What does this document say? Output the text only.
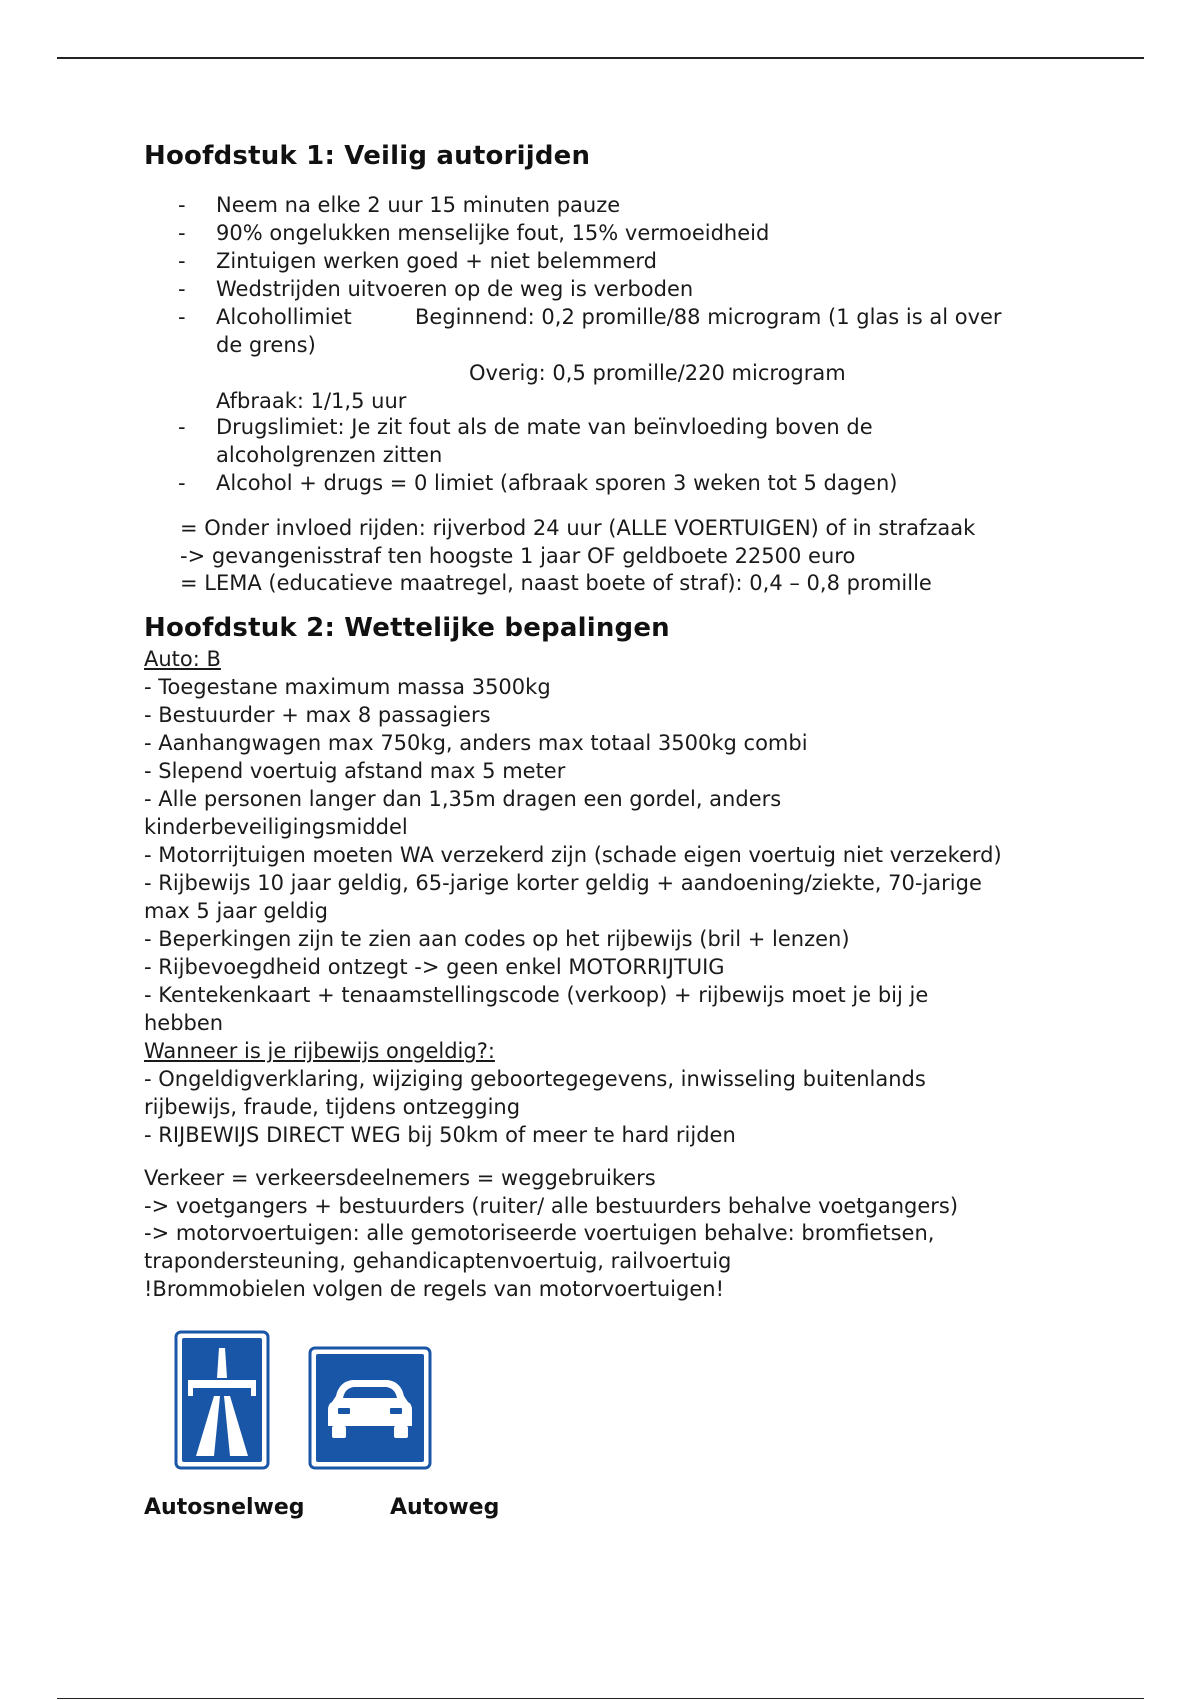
Hoofdstuk 1: Veilig autorijden
-	Neem na elke 2 uur 15 minuten pauze
-	90% ongelukken menselijke fout, 15% vermoeidheid
-	Zintuigen werken goed + niet belemmerd
-	Wedstrijden uitvoeren op de weg is verboden
-	Alcohollimiet	Beginnend: 0,2 promille/88 microgram (1 glas is al over
de grens)
Overig: 0,5 promille/220 microgram
Afbraak: 1/1,5 uur
-	Drugslimiet: Je zit fout als de mate van beïnvloeding boven de
alcoholgrenzen zitten
-	Alcohol + drugs = 0 limiet (afbraak sporen 3 weken tot 5 dagen)
= Onder invloed rijden: rijverbod 24 uur (ALLE VOERTUIGEN) of in strafzaak
-> gevangenisstraf ten hoogste 1 jaar OF geldboete 22500 euro
= LEMA (educatieve maatregel, naast boete of straf): 0,4 – 0,8 promille
Hoofdstuk 2: Wettelijke bepalingen
Auto: B
- Toegestane maximum massa 3500kg
- Bestuurder + max 8 passagiers
- Aanhangwagen max 750kg, anders max totaal 3500kg combi
- Slepend voertuig afstand max 5 meter
- Alle personen langer dan 1,35m dragen een gordel, anders
kinderbeveiligingsmiddel
- Motorrijtuigen moeten WA verzekerd zijn (schade eigen voertuig niet verzekerd)
- Rijbewijs 10 jaar geldig, 65-jarige korter geldig + aandoening/ziekte, 70-jarige
max 5 jaar geldig
- Beperkingen zijn te zien aan codes op het rijbewijs (bril + lenzen)
- Rijbevoegdheid ontzegt -> geen enkel MOTORRIJTUIG
- Kentekenkaart + tenaamstellingscode (verkoop) + rijbewijs moet je bij je
hebben
Wanneer is je rijbewijs ongeldig?:
- Ongeldigverklaring, wijziging geboortegegevens, inwisseling buitenlands
rijbewijs, fraude, tijdens ontzegging
- RIJBEWIJS DIRECT WEG bij 50km of meer te hard rijden
Verkeer = verkeersdeelnemers = weggebruikers
-> voetgangers + bestuurders (ruiter/ alle bestuurders behalve voetgangers)
-> motorvoertuigen: alle gemotoriseerde voertuigen behalve: bromfietsen,
trapondersteuning, gehandicaptenvoertuig, railvoertuig
!Brommobielen volgen de regels van motorvoertuigen!
Autosnelweg	Autoweg
